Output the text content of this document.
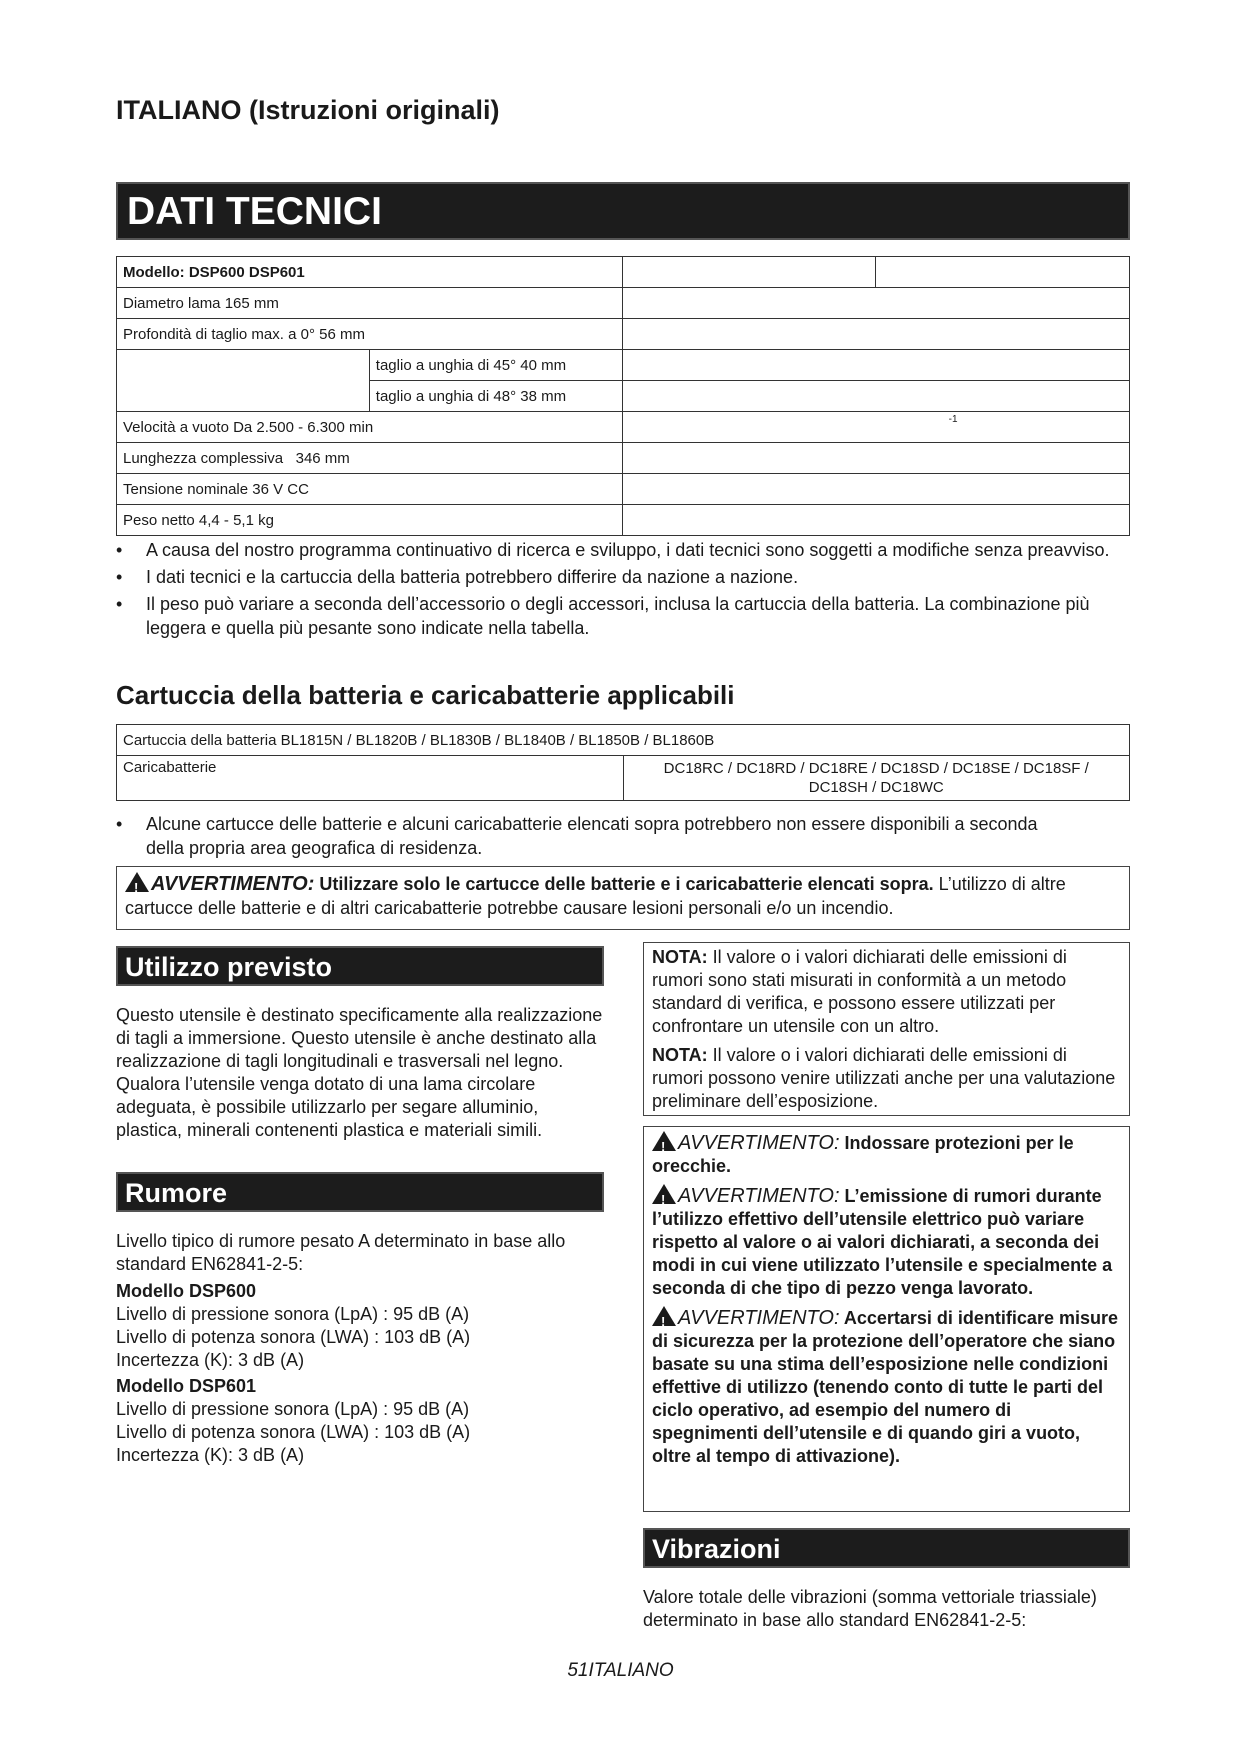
ITALIANO (Istruzioni originali)
DATI TECNICI
Modello: DSP600 DSP601			
Diametro lama 165 mm			
Profondità di taglio max. a 0° 56 mm			
	taglio a unghia di 45° 40 mm		
	taglio a unghia di 48° 38 mm		
Velocità a vuoto Da 2.500 - 6.300 min		-1	

Lunghezza complessiva   346 mm			
Tensione nominale 36 V CC			
Peso netto 4,4 - 5,1 kg			
• A causa del nostro programma continuativo di ricerca e sviluppo, i dati tecnici sono soggetti a modifiche senza preavviso.
• I dati tecnici e la cartuccia della batteria potrebbero differire da nazione a nazione.
• Il peso può variare a seconda dell’accessorio o degli accessori, inclusa la cartuccia della batteria. La combinazione più leggera e quella più pesante sono indicate nella tabella.
Cartuccia della batteria e caricabatterie applicabili
Cartuccia della batteria BL1815N / BL1820B / BL1830B / BL1840B / BL1850B / BL1860B
Caricabatterie	DC18RC / DC18RD / DC18RE / DC18SD / DC18SE / DC18SF / DC18SH / DC18WC
• Alcune cartucce delle batterie e alcuni caricabatterie elencati sopra potrebbero non essere disponibili a seconda della propria area geografica di residenza.
!AVVERTIMENTO: Utilizzare solo le cartucce delle batterie e i caricabatterie elencati sopra. L’utilizzo di altre cartucce delle batterie e di altri caricabatterie potrebbe causare lesioni personali e/o un incendio.
Utilizzo previsto
Questo utensile è destinato specificamente alla realizzazione di tagli a immersione. Questo utensile è anche destinato alla realizzazione di tagli longitudinali e trasversali nel legno. Qualora l’utensile venga dotato di una lama circolare adeguata, è possibile utilizzarlo per segare alluminio, plastica, minerali contenenti plastica e materiali simili.
Rumore
Livello tipico di rumore pesato A determinato in base allo standard EN62841-2-5:
Modello DSP600
Livello di pressione sonora (LpA) : 95 dB (A)
Livello di potenza sonora (LWA) : 103 dB (A)
Incertezza (K): 3 dB (A)
Modello DSP601
Livello di pressione sonora (LpA) : 95 dB (A)
Livello di potenza sonora (LWA) : 103 dB (A)
Incertezza (K): 3 dB (A)
NOTA: Il valore o i valori dichiarati delle emissioni di rumori sono stati misurati in conformità a un metodo standard di verifica, e possono essere utilizzati per confrontare un utensile con un altro.
NOTA: Il valore o i valori dichiarati delle emissioni di rumori possono venire utilizzati anche per una valutazione preliminare dell’esposizione.
!AVVERTIMENTO: Indossare protezioni per le orecchie.
!AVVERTIMENTO: L’emissione di rumori durante l’utilizzo effettivo dell’utensile elettrico può variare rispetto al valore o ai valori dichiarati, a seconda dei modi in cui viene utilizzato l’utensile e specialmente a seconda di che tipo di pezzo venga lavorato.
!AVVERTIMENTO: Accertarsi di identificare misure di sicurezza per la protezione dell’operatore che siano basate su una stima dell’esposizione nelle condizioni effettive di utilizzo (tenendo conto di tutte le parti del ciclo operativo, ad esempio del numero di spegnimenti dell’utensile e di quando giri a vuoto, oltre al tempo di attivazione).
Vibrazioni
Valore totale delle vibrazioni (somma vettoriale triassiale) determinato in base allo standard EN62841-2-5:
51ITALIANO
